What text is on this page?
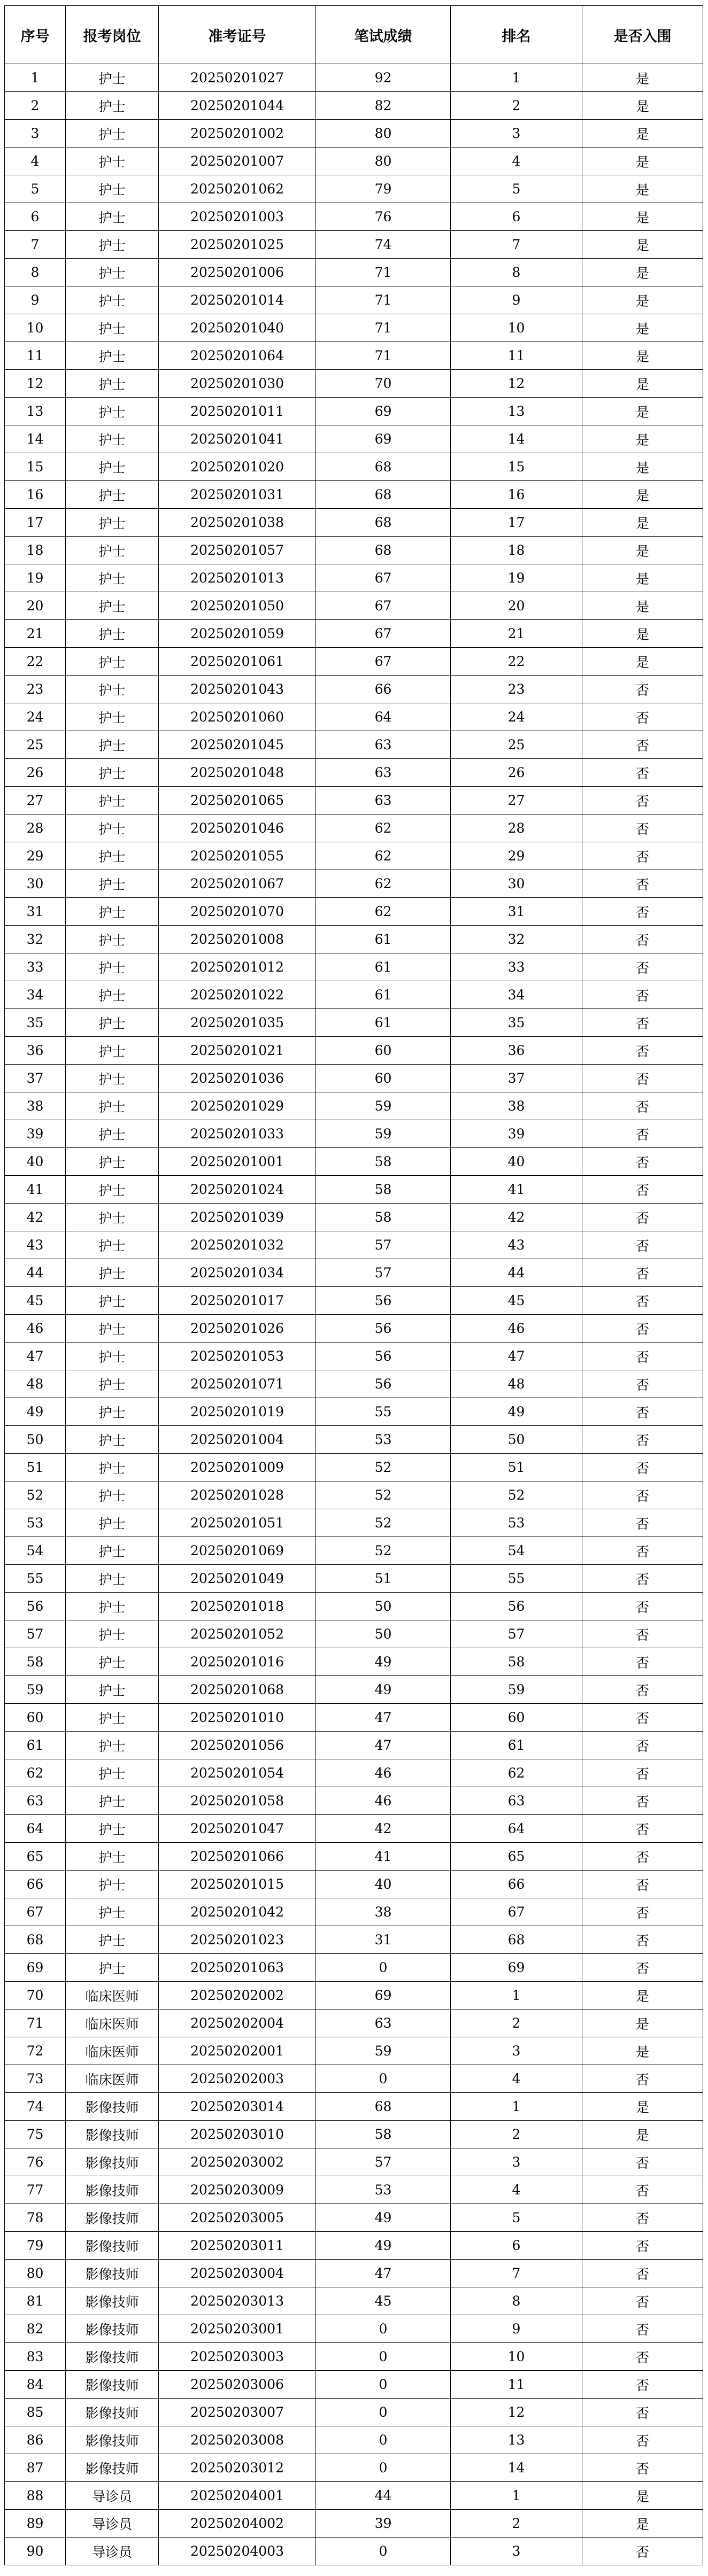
序号	报考岗位	准考证号	笔试成绩	排名	是否入围
1	护士	20250201027	92	1	是
2	护士	20250201044	82	2	是
3	护士	20250201002	80	3	是
4	护士	20250201007	80	4	是
5	护士	20250201062	79	5	是
6	护士	20250201003	76	6	是
7	护士	20250201025	74	7	是
8	护士	20250201006	71	8	是
9	护士	20250201014	71	9	是
10	护士	20250201040	71	10	是
11	护士	20250201064	71	11	是
12	护士	20250201030	70	12	是
13	护士	20250201011	69	13	是
14	护士	20250201041	69	14	是
15	护士	20250201020	68	15	是
16	护士	20250201031	68	16	是
17	护士	20250201038	68	17	是
18	护士	20250201057	68	18	是
19	护士	20250201013	67	19	是
20	护士	20250201050	67	20	是
21	护士	20250201059	67	21	是
22	护士	20250201061	67	22	是
23	护士	20250201043	66	23	否
24	护士	20250201060	64	24	否
25	护士	20250201045	63	25	否
26	护士	20250201048	63	26	否
27	护士	20250201065	63	27	否
28	护士	20250201046	62	28	否
29	护士	20250201055	62	29	否
30	护士	20250201067	62	30	否
31	护士	20250201070	62	31	否
32	护士	20250201008	61	32	否
33	护士	20250201012	61	33	否
34	护士	20250201022	61	34	否
35	护士	20250201035	61	35	否
36	护士	20250201021	60	36	否
37	护士	20250201036	60	37	否
38	护士	20250201029	59	38	否
39	护士	20250201033	59	39	否
40	护士	20250201001	58	40	否
41	护士	20250201024	58	41	否
42	护士	20250201039	58	42	否
43	护士	20250201032	57	43	否
44	护士	20250201034	57	44	否
45	护士	20250201017	56	45	否
46	护士	20250201026	56	46	否
47	护士	20250201053	56	47	否
48	护士	20250201071	56	48	否
49	护士	20250201019	55	49	否
50	护士	20250201004	53	50	否
51	护士	20250201009	52	51	否
52	护士	20250201028	52	52	否
53	护士	20250201051	52	53	否
54	护士	20250201069	52	54	否
55	护士	20250201049	51	55	否
56	护士	20250201018	50	56	否
57	护士	20250201052	50	57	否
58	护士	20250201016	49	58	否
59	护士	20250201068	49	59	否
60	护士	20250201010	47	60	否
61	护士	20250201056	47	61	否
62	护士	20250201054	46	62	否
63	护士	20250201058	46	63	否
64	护士	20250201047	42	64	否
65	护士	20250201066	41	65	否
66	护士	20250201015	40	66	否
67	护士	20250201042	38	67	否
68	护士	20250201023	31	68	否
69	护士	20250201063	0	69	否
70	临床医师	20250202002	69	1	是
71	临床医师	20250202004	63	2	是
72	临床医师	20250202001	59	3	是
73	临床医师	20250202003	0	4	否
74	影像技师	20250203014	68	1	是
75	影像技师	20250203010	58	2	是
76	影像技师	20250203002	57	3	否
77	影像技师	20250203009	53	4	否
78	影像技师	20250203005	49	5	否
79	影像技师	20250203011	49	6	否
80	影像技师	20250203004	47	7	否
81	影像技师	20250203013	45	8	否
82	影像技师	20250203001	0	9	否
83	影像技师	20250203003	0	10	否
84	影像技师	20250203006	0	11	否
85	影像技师	20250203007	0	12	否
86	影像技师	20250203008	0	13	否
87	影像技师	20250203012	0	14	否
88	导诊员	20250204001	44	1	是
89	导诊员	20250204002	39	2	是
90	导诊员	20250204003	0	3	否
